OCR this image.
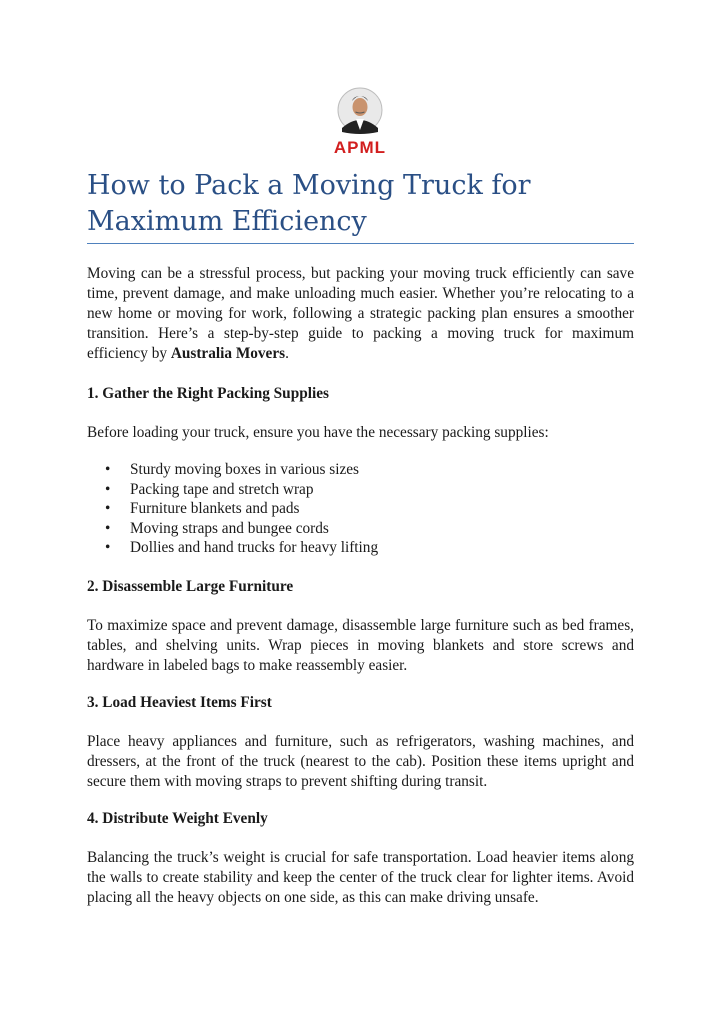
APML
How to Pack a Moving Truck for Maximum Efficiency

Moving can be a stressful process, but packing your moving truck efficiently can save time, prevent damage, and make unloading much easier. Whether you’re relocating to a new home or moving for work, following a strategic packing plan ensures a smoother transition. Here’s a step-by-step guide to packing a moving truck for maximum efficiency by Australia Movers.

1. Gather the Right Packing Supplies

Before loading your truck, ensure you have the necessary packing supplies:

• Sturdy moving boxes in various sizes
• Packing tape and stretch wrap
• Furniture blankets and pads
• Moving straps and bungee cords
• Dollies and hand trucks for heavy lifting
2. Disassemble Large Furniture

To maximize space and prevent damage, disassemble large furniture such as bed frames, tables, and shelving units. Wrap pieces in moving blankets and store screws and hardware in labeled bags to make reassembly easier.

3. Load Heaviest Items First

Place heavy appliances and furniture, such as refrigerators, washing machines, and dressers, at the front of the truck (nearest to the cab). Position these items upright and secure them with moving straps to prevent shifting during transit.

4. Distribute Weight Evenly

Balancing the truck’s weight is crucial for safe transportation. Load heavier items along the walls to create stability and keep the center of the truck clear for lighter items. Avoid placing all the heavy objects on one side, as this can make driving unsafe.
